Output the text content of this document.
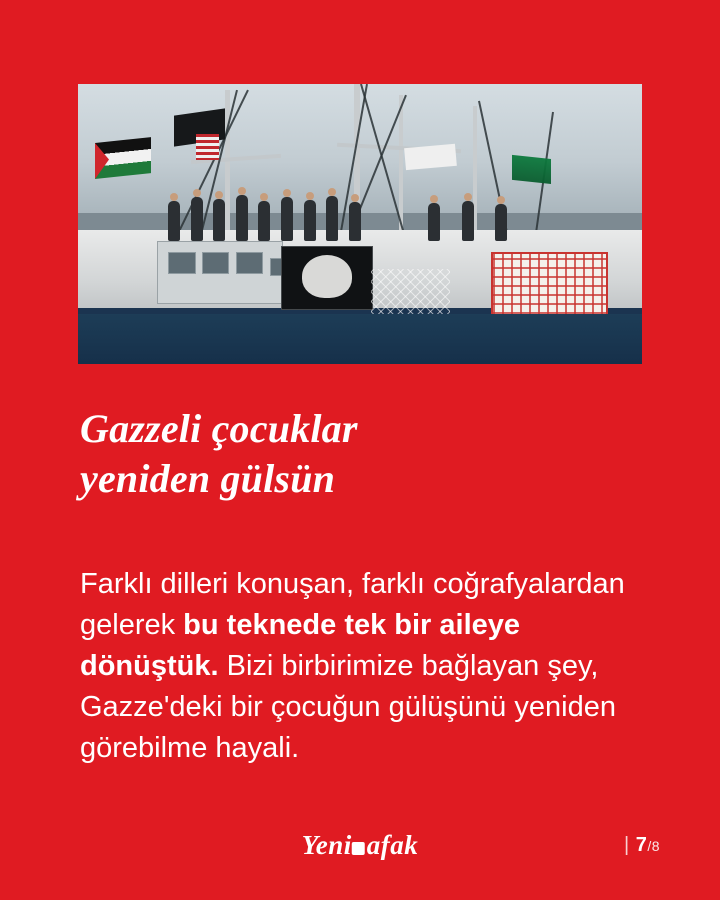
Gazzeli çocuklar
yeniden gülsün

Farklı dilleri konuşan, farklı coğrafyalardan gelerek bu teknede tek bir aileye dönüştük. Bizi birbirimize bağlayan şey, Gazze'deki bir çocuğun gülüşünü yeniden görebilme hayali.

Yeni afak	| 7/8
